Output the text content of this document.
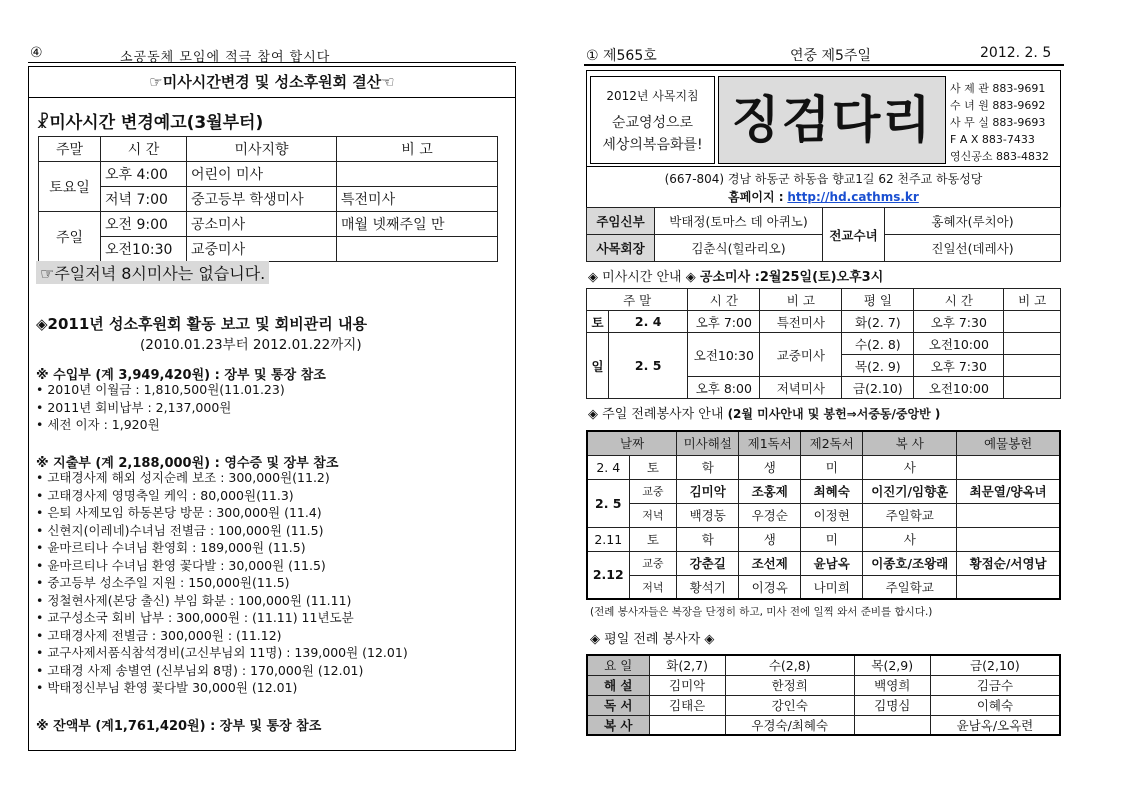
④	소공동체 모임에 적극 참여 합시다
☞미사시간변경 및 성소후원회 결산☜
☧미사시간 변경예고(3월부터)
주말	시 간	미사지향	비 고
토요일	오후 4:00	어린이 미사	
	저녁 7:00	중고등부 학생미사	특전미사
주일	오전 9:00	공소미사	매월 넷째주일 만
	오전10:30	교중미사	
☞주일저녁 8시미사는 없습니다.
◈2011년 성소후원회 활동 보고 및 회비관리 내용
(2010.01.23부터 2012.01.22까지)
※ 수입부 (계 3,949,420원) : 장부 및 통장 참조
• 2010년 이월금 : 1,810,500원(11.01.23)
• 2011년 회비납부 : 2,137,000원
• 세전 이자 : 1,920원
※ 지출부 (계 2,188,000원) : 영수증 및 장부 참조
• 고태경사제 해외 성지순례 보조 : 300,000원(11.2)
• 고태경사제 영명축일 케익 : 80,000원(11.3)
• 은퇴 사제모임 하동본당 방문 : 300,000원 (11.4)
• 신현지(이레네)수녀님 전별금 : 100,000원 (11.5)
• 윤마르티나 수녀님 환영회 : 189,000원 (11.5)
• 윤마르티나 수녀님 환영 꽃다발 : 30,000원 (11.5)
• 중고등부 성소주일 지원 : 150,000원(11.5)
• 정철현사제(본당 출신) 부임 화분 : 100,000원 (11.11)
• 교구성소국 회비 납부 : 300,000원 : (11.11) 11년도분
• 고태경사제 전별금 : 300,000원 : (11.12)
• 교구사제서품식참석경비(고신부님외 11명) : 139,000원 (12.01)
• 고태경 사제 송별연 (신부님외 8명) : 170,000원 (12.01)
• 박태정신부님 환영 꽃다발 30,000원 (12.01)
※ 잔액부 (계1,761,420원) : 장부 및 통장 참조
① 제565호	연중 제5주일	2012. 2. 5
2012년 사목지침
순교영성으로
세상의복음화를! 징검다리
사 제 관 883-9691
수 녀 원 883-9692
사 무 실 883-9693
F A X 883-7433
영신공소 883-4832
(667-804) 경남 하동군 하동읍 향교1길 62 천주교 하동성당
홈페이지 : http://hd.cathms.kr
주임신부	박태정(토마스 데 아퀴노)	전교수녀	홍혜자(루치아)
사목회장	김춘식(힐라리오)		진일선(데레사)
◈ 미사시간 안내 ◈ 공소미사 :2월25일(토)오후3시
주 말		시 간	비 고	평 일	시 간	비 고
토	2. 4	오후 7:00	특전미사	화(2. 7)	오후 7:30	
일	2. 5	오전10:30	교중미사	수(2. 8)	오전10:00	
				목(2. 9)	오후 7:30	
		오후 8:00	저녁미사	금(2.10)	오전10:00	
◈ 주일 전례봉사자 안내 (2월 미사안내 및 봉헌⇒서중동/중앙반 )
날짜		미사해설	제1독서	제2독서	복 사	예물봉헌
2. 4	토	학	생	미	사	
2. 5	교중	김미악	조홍제	최혜숙	이진기/임향훈	최문열/양옥녀
	저녁	백경동	우경순	이정현	주일학교	
2.11	토	학	생	미	사	
2.12	교중	강춘길	조선제	윤남옥	이종호/조왕래	황점순/서영남
	저녁	황석기	이경옥	나미희	주일학교	
(전례 봉사자들은 복장을 단정히 하고, 미사 전에 일찍 와서 준비를 합시다.)
◈ 평일 전례 봉사자 ◈
요 일	화(2,7)	수(2,8)	목(2,9)	금(2,10)
해 설	김미악	한정희	백영희	김금수
독 서	김태은	강인숙	김명심	이혜숙
복 사		우경숙/최혜숙		윤남옥/오옥련
